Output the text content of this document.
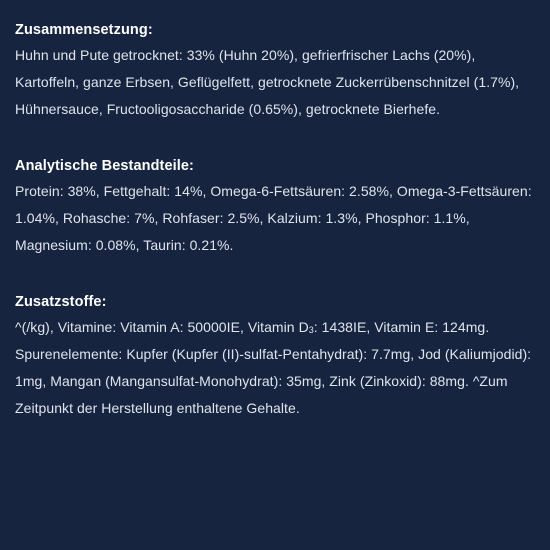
Zusammensetzung:
Huhn und Pute getrocknet: 33% (Huhn 20%), gefrierfrischer Lachs (20%), Kartoffeln, ganze Erbsen, Geflügelfett, getrocknete Zuckerrübenschnitzel (1.7%), Hühnersauce, Fructooligosaccharide (0.65%), getrocknete Bierhefe.
Analytische Bestandteile:
Protein: 38%, Fettgehalt: 14%, Omega-6-Fettsäuren: 2.58%, Omega-3-Fettsäuren: 1.04%, Rohasche: 7%, Rohfaser: 2.5%, Kalzium: 1.3%, Phosphor: 1.1%, Magnesium: 0.08%, Taurin: 0.21%.
Zusatzstoffe:
^(/kg), Vitamine: Vitamin A: 50000IE, Vitamin $D_3$: 1438IE, Vitamin E: 124mg. Spurenelemente: Kupfer (Kupfer (II)-sulfat-Pentahydrat): 7.7mg, Jod (Kaliumjodid): 1mg, Mangan (Mangansulfat-Monohydrat): 35mg, Zink (Zinkoxid): 88mg. ^Zum Zeitpunkt der Herstellung enthaltene Gehalte.
